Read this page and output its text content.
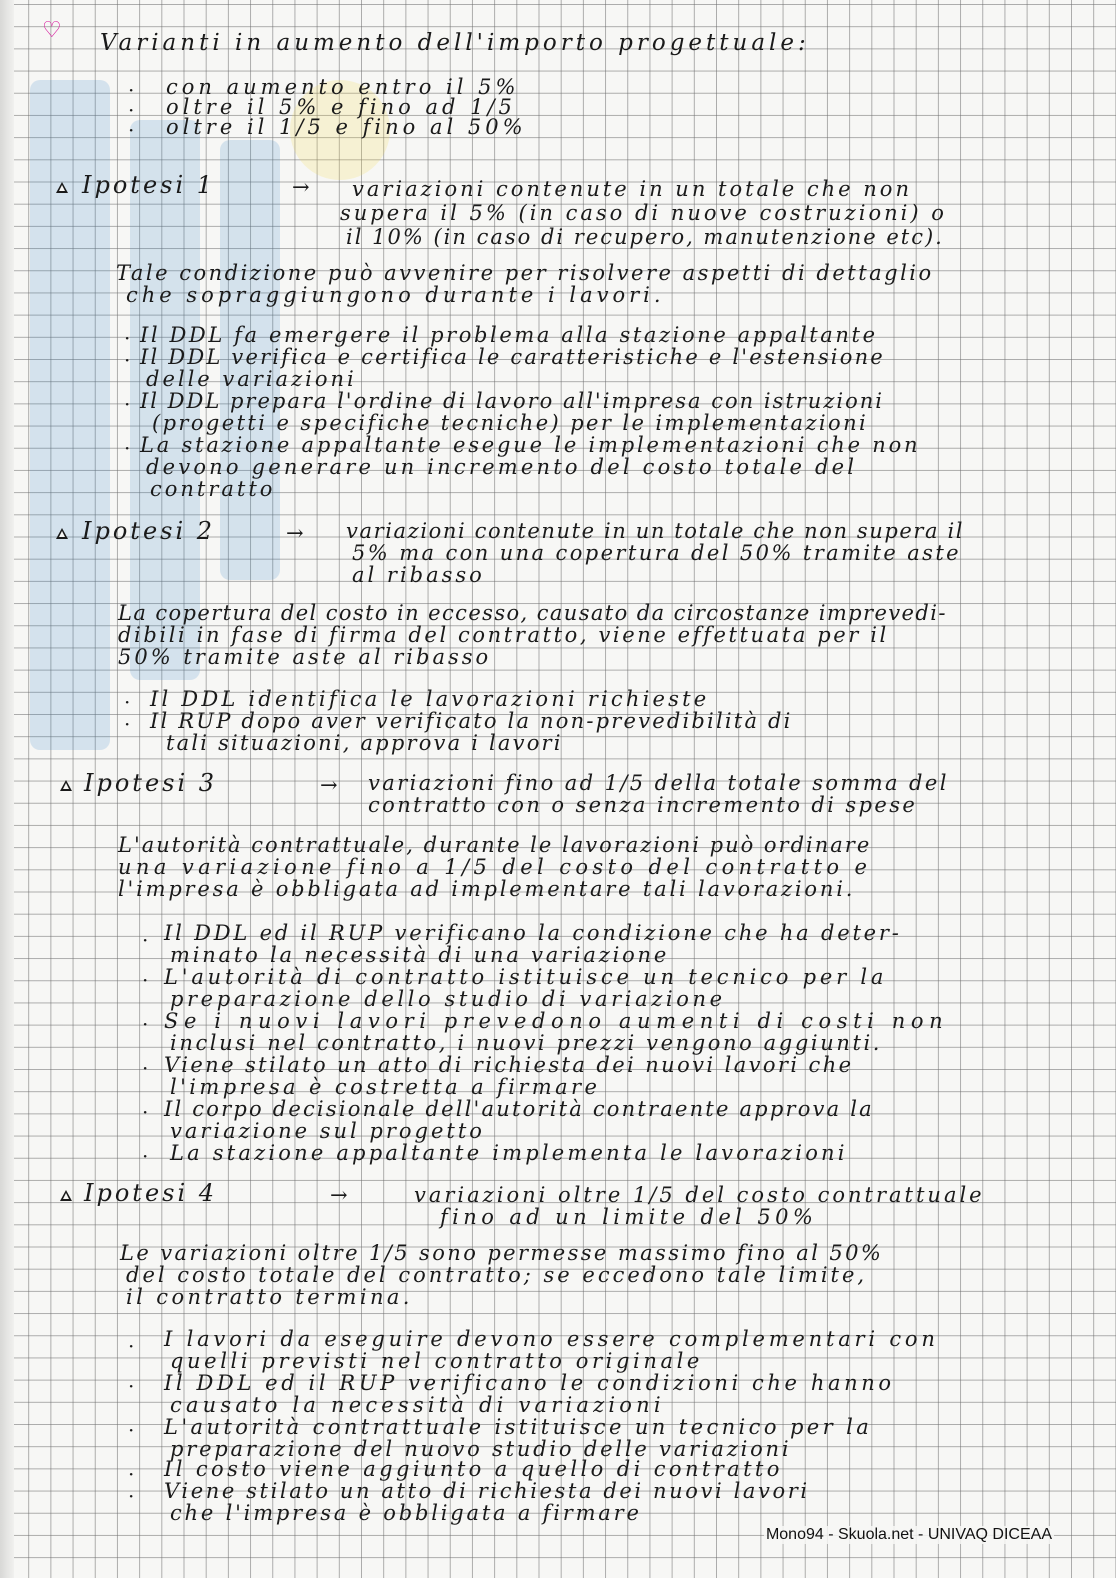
♡ Varianti in aumento dell'importo progettuale:

· con aumento entro il 5%

· oltre il 5% e fino ad 1/5

· oltre il 1/5 e fino al 50%

Ipotesi 1	→ variazioni contenute in un totale che non

supera il 5% (in caso di nuove costruzioni) o

il 10% (in caso di recupero, manutenzione etc).

Tale condizione può avvenire per risolvere aspetti di dettaglio

che sopraggiungono durante i lavori.

· Il DDL fa emergere il problema alla stazione appaltante

· Il DDL verifica e certifica le caratteristiche e l'estensione

delle variazioni

· Il DDL prepara l'ordine di lavoro all'impresa con istruzioni

(progetti e specifiche tecniche) per le implementazioni

· La stazione appaltante esegue le implementazioni che non

devono generare un incremento del costo totale del

contratto

Ipotesi 2	→ variazioni contenute in un totale che non supera il

5% ma con una copertura del 50% tramite aste

al ribasso

La copertura del costo in eccesso, causato da circostanze imprevedi-

dibili in fase di firma del contratto, viene effettuata per il

50% tramite aste al ribasso

· Il DDL identifica le lavorazioni richieste

· Il RUP dopo aver verificato la non-prevedibilità di

tali situazioni, approva i lavori

Ipotesi 3	→ variazioni fino ad 1/5 della totale somma del

contratto con o senza incremento di spese

L'autorità contrattuale, durante le lavorazioni può ordinare

una variazione fino a 1/5 del costo del contratto e

l'impresa è obbligata ad implementare tali lavorazioni.

· Il DDL ed il RUP verificano la condizione che ha deter-

minato la necessità di una variazione

· L'autorità di contratto istituisce un tecnico per la

preparazione dello studio di variazione

· Se i nuovi lavori prevedono aumenti di costi non

inclusi nel contratto, i nuovi prezzi vengono aggiunti.

· Viene stilato un atto di richiesta dei nuovi lavori che

l'impresa è costretta a firmare

· Il corpo decisionale dell'autorità contraente approva la

variazione sul progetto

· La stazione appaltante implementa le lavorazioni

Ipotesi 4	→	variazioni oltre 1/5 del costo contrattuale

fino ad un limite del 50%

Le variazioni oltre 1/5 sono permesse massimo fino al 50%

del costo totale del contratto; se eccedono tale limite,

il contratto termina.

· I lavori da eseguire devono essere complementari con

quelli previsti nel contratto originale

· Il DDL ed il RUP verificano le condizioni che hanno

causato la necessità di variazioni

· L'autorità contrattuale istituisce un tecnico per la

preparazione del nuovo studio delle variazioni

· Il costo viene aggiunto a quello di contratto

· Viene stilato un atto di richiesta dei nuovi lavori

che l'impresa è obbligata a firmare

Mono94 - Skuola.net - UNIVAQ DICEAA
